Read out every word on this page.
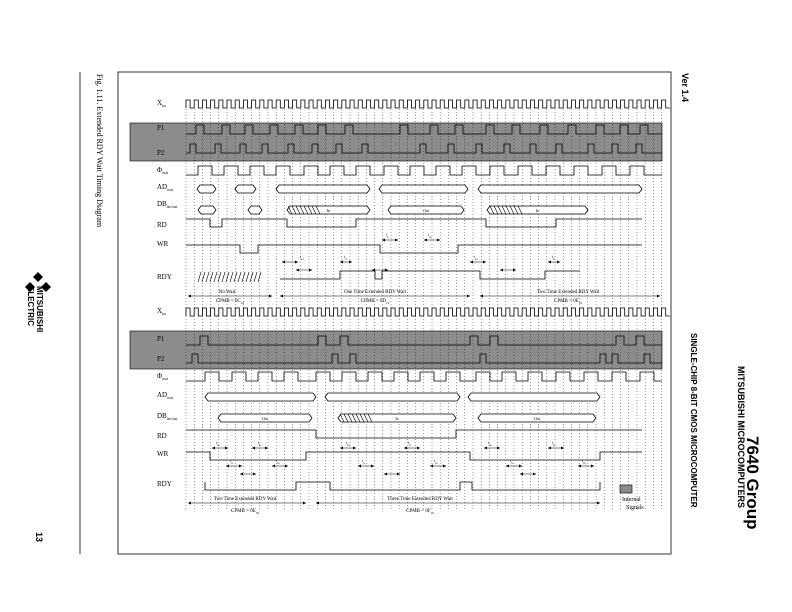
$X_{in}$
P1
P2
$\Phi_{out}$
$AD_{out}$
$DB_{in/out}$
RD
WR
RDY
$X_{in}$
P1
P2
$\Phi_{out}$
$AD_{out}$
$DB_{in/out}$
RD
WR
RDY
In	Out	In
No Wait	One Time Extended RDY Wait	Two Time Extended RDY Wait
CPMB = $0C_{16}$	CPMB = $0D_{16}$	CPMB = $0E_{16}$
Out	In	Out
Two Time Extended RDY Wait	Three Time Extended RDY Wait
CPMB = $0E_{16}$	CPMB = $0F_{16}$
$t_{su}$
$t_h$
$t_{su}$
$t_h$
$t_{su}$
$t_h$
$t_{su}$
$t_h$
$t_{su}$
$t_h$
$t_{su}$
$t_h$
$t_w$
$t_{su}$
$t_w$
$t_{su}$
$t_w$
$t_{su}$
Internal
Signals
Fig. 1.11. Extended RDY Wait Timing Diagram
MITSUBISHI
ELECTRIC
13
Ver 1.4
SINGLE-CHIP 8-BIT CMOS MICROCOMPUTER	MITSUBISHI MICROCOMPUTERS
7640 Group
